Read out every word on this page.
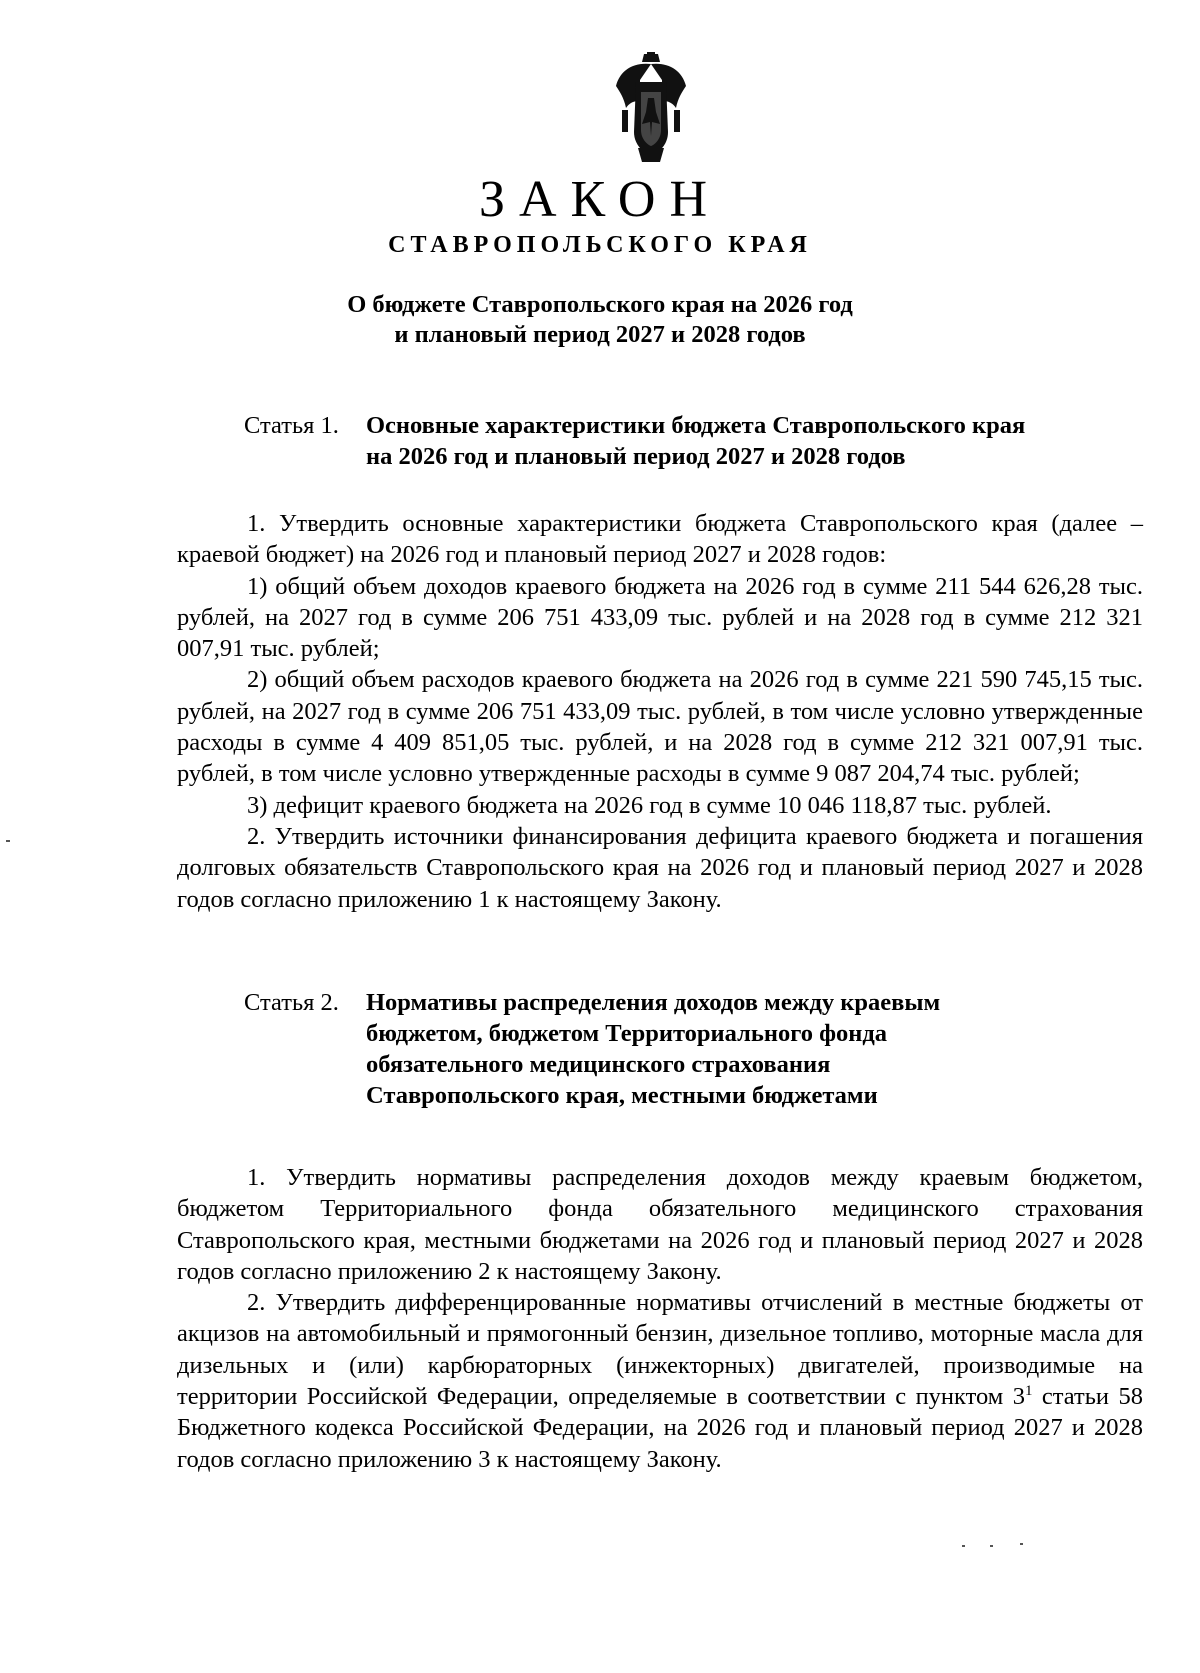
ЗАКОН
СТАВРОПОЛЬСКОГО КРАЯ
О бюджете Ставропольского края на 2026 год
и плановый период 2027 и 2028 годов
Статья 1. Основные характеристики бюджета Ставропольского края
на 2026 год и плановый период 2027 и 2028 годов

1. Утвердить основные характеристики бюджета Ставропольского края (далее – краевой бюджет) на 2026 год и плановый период 2027 и 2028 годов:

1) общий объем доходов краевого бюджета на 2026 год в сумме 211 544 626,28 тыс. рублей, на 2027 год в сумме 206 751 433,09 тыс. рублей и на 2028 год в сумме 212 321 007,91 тыс. рублей;

2) общий объем расходов краевого бюджета на 2026 год в сумме 221 590 745,15 тыс. рублей, на 2027 год в сумме 206 751 433,09 тыс. рублей, в том числе условно утвержденные расходы в сумме 4 409 851,05 тыс. рублей, и на 2028 год в сумме 212 321 007,91 тыс. рублей, в том числе условно утвержденные расходы в сумме 9 087 204,74 тыс. рублей;

3) дефицит краевого бюджета на 2026 год в сумме 10 046 118,87 тыс. рублей.

2. Утвердить источники финансирования дефицита краевого бюджета и погашения долговых обязательств Ставропольского края на 2026 год и плановый период 2027 и 2028 годов согласно приложению 1 к настоящему Закону.

Статья 2. Нормативы распределения доходов между краевым
бюджетом, бюджетом Территориального фонда
обязательного медицинского страхования
Ставропольского края, местными бюджетами

1. Утвердить нормативы распределения доходов между краевым бюджетом, бюджетом Территориального фонда обязательного медицинского страхования Ставропольского края, местными бюджетами на 2026 год и плановый период 2027 и 2028 годов согласно приложению 2 к настоящему Закону.

2. Утвердить дифференцированные нормативы отчислений в местные бюджеты от акцизов на автомобильный и прямогонный бензин, дизельное топливо, моторные масла для дизельных и (или) карбюраторных (инжекторных) двигателей, производимые на территории Российской Федерации, определяемые в соответствии с пунктом $3^1$ статьи 58 Бюджетного кодекса Российской Федерации, на 2026 год и плановый период 2027 и 2028 годов согласно приложению 3 к настоящему Закону.
